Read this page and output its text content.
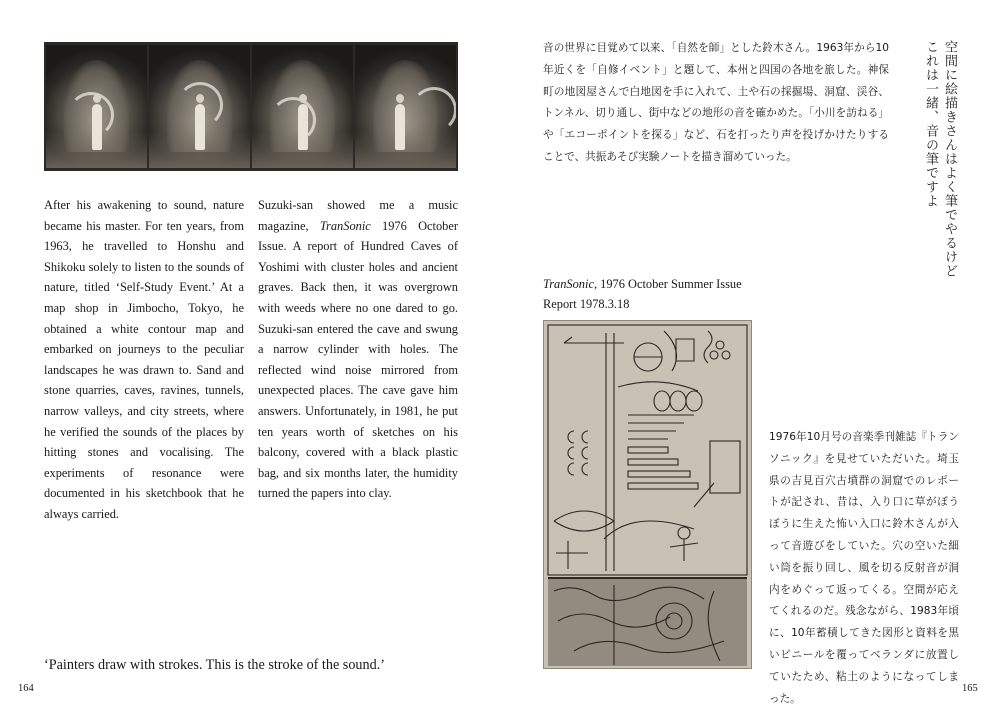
After his awakening to sound, nature became his master. For ten years, from 1963, he travelled to Honshu and Shikoku solely to listen to the sounds of nature, titled ‘Self-Study Event.’ At a map shop in Jimbocho, Tokyo, he obtained a white contour map and embarked on journeys to the peculiar landscapes he was drawn to. Sand and stone quarries, caves, ravines, tunnels, narrow valleys, and city streets, where he verified the sounds of the places by hitting stones and vocalising. The experiments of resonance were documented in his sketchbook that he always carried.

Suzuki-san showed me a music magazine, TranSonic 1976 October Issue. A report of Hundred Caves of Yoshimi with cluster holes and ancient graves. Back then, it was overgrown with weeds where no one dared to go. Suzuki-san entered the cave and swung a narrow cylinder with holes. The reflected wind noise mirrored from unexpected places. The cave gave him answers. Unfortunately, in 1981, he put ten years worth of sketches on his balcony, covered with a black plastic bag, and six months later, the humidity turned the papers into clay.

‘Painters draw with strokes. This is the stroke of the sound.’
164

音の世界に目覚めて以来、「自然を師」とした鈴木さん。1963年から10年近くを「自修イベント」と題して、本州と四国の各地を旅した。神保町の地図屋さんで白地図を手に入れて、土や石の採掘場、洞窟、渓谷、トンネル、切り通し、街中などの地形の音を確かめた。「小川を訪ねる」や「エコーポイントを探る」など、石を打ったり声を投げかけたりすることで、共振あそび実験ノートを描き溜めていった。	空間に絵描きさんはよく筆でやるけど
これは一緒、音の筆ですよ
TranSonic, 1976 October Summer Issue
Report 1978.3.18

1976年10月号の音楽季刊雑誌『トランソニック』を見せていただいた。埼玉県の吉見百穴古墳群の洞窟でのレポートが記され、昔は、入り口に草がぼうぼうに生えた怖い入口に鈴木さんが入って音遊びをしていた。穴の空いた細い筒を振り回し、風を切る反射音が洞内をめぐって返ってくる。空間が応えてくれるのだ。残念ながら、1983年頃に、10年蓄積してきた図形と資料を黒いビニールを覆ってベランダに放置していたため、粘土のようになってしまった。

165
